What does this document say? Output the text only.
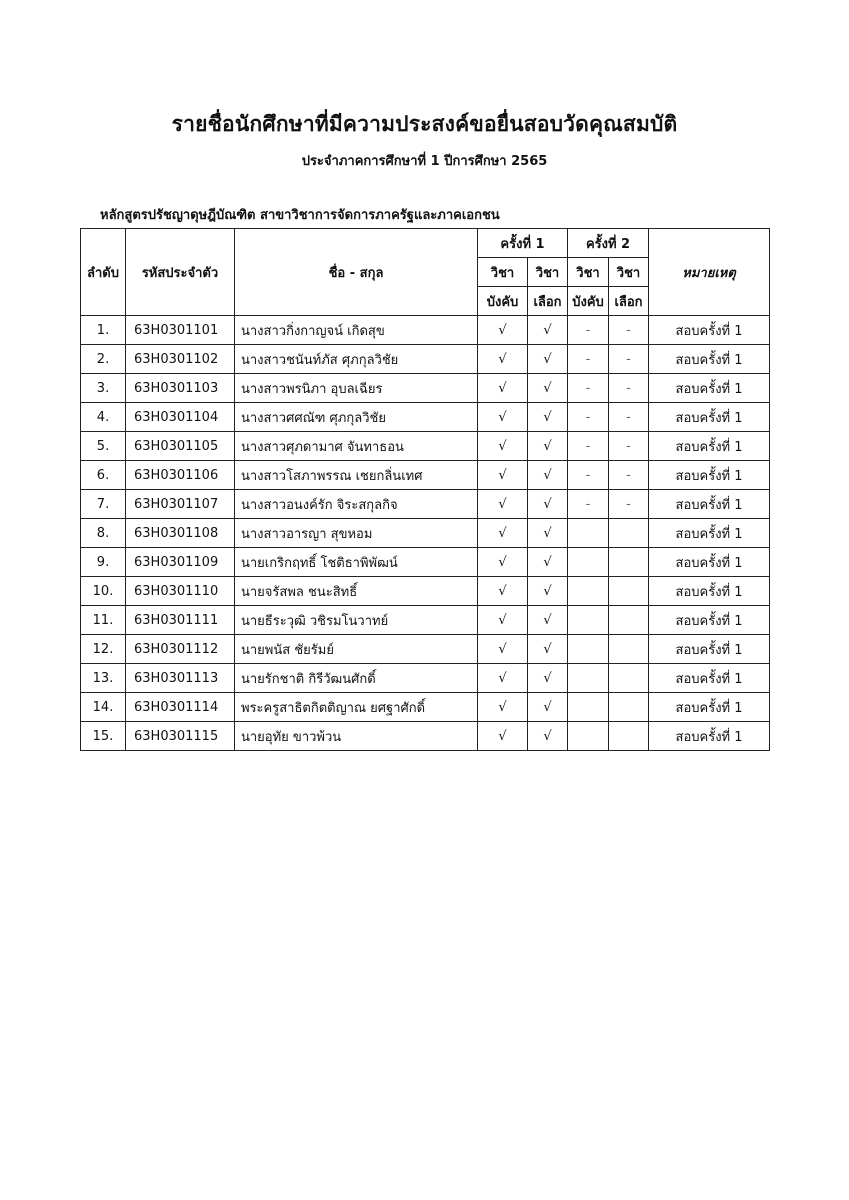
รายชื่อนักศึกษาที่มีความประสงค์ขอยื่นสอบวัดคุณสมบัติ
ประจำภาคการศึกษาที่ 1 ปีการศึกษา 2565
หลักสูตรปรัชญาดุษฎีบัณฑิต สาขาวิชาการจัดการภาครัฐและภาคเอกชน
ลำดับ	รหัสประจำตัว	ชื่อ - สกุล	ครั้งที่ 1		ครั้งที่ 2		หมายเหตุ
			วิชา	วิชา	วิชา	วิชา	
			บังคับ	เลือก	บังคับ	เลือก	
1.	63H0301101	นางสาวกิ่งกาญจน์ เกิดสุข	√	√	-	-	สอบครั้งที่ 1
2.	63H0301102	นางสาวชนันท์ภัส ศุภกุลวิชัย	√	√	-	-	สอบครั้งที่ 1
3.	63H0301103	นางสาวพรนิภา อุบลเฉียร	√	√	-	-	สอบครั้งที่ 1
4.	63H0301104	นางสาวศศณัฑ ศุภกุลวิชัย	√	√	-	-	สอบครั้งที่ 1
5.	63H0301105	นางสาวศุภดามาศ จันทาธอน	√	√	-	-	สอบครั้งที่ 1
6.	63H0301106	นางสาวโสภาพรรณ เชยกลิ่นเทศ	√	√	-	-	สอบครั้งที่ 1
7.	63H0301107	นางสาวอนงค์รัก จิระสกุลกิจ	√	√	-	-	สอบครั้งที่ 1
8.	63H0301108	นางสาวอารญา สุขหอม	√	√			สอบครั้งที่ 1
9.	63H0301109	นายเกริกฤทธิ์ โชติธาพิพัฒน์	√	√			สอบครั้งที่ 1
10.	63H0301110	นายจรัสพล ชนะสิทธิ์	√	√			สอบครั้งที่ 1
11.	63H0301111	นายธีระวุฒิ วชิรมโนวาทย์	√	√			สอบครั้งที่ 1
12.	63H0301112	นายพนัส ชัยรัมย์	√	√			สอบครั้งที่ 1
13.	63H0301113	นายรักชาติ กิรีวัฒนศักดิ์	√	√			สอบครั้งที่ 1
14.	63H0301114	พระครูสาธิตกิตติญาณ ยศฐาศักดิ์	√	√			สอบครั้งที่ 1
15.	63H0301115	นายอุทัย ขาวพ้วน	√	√			สอบครั้งที่ 1
